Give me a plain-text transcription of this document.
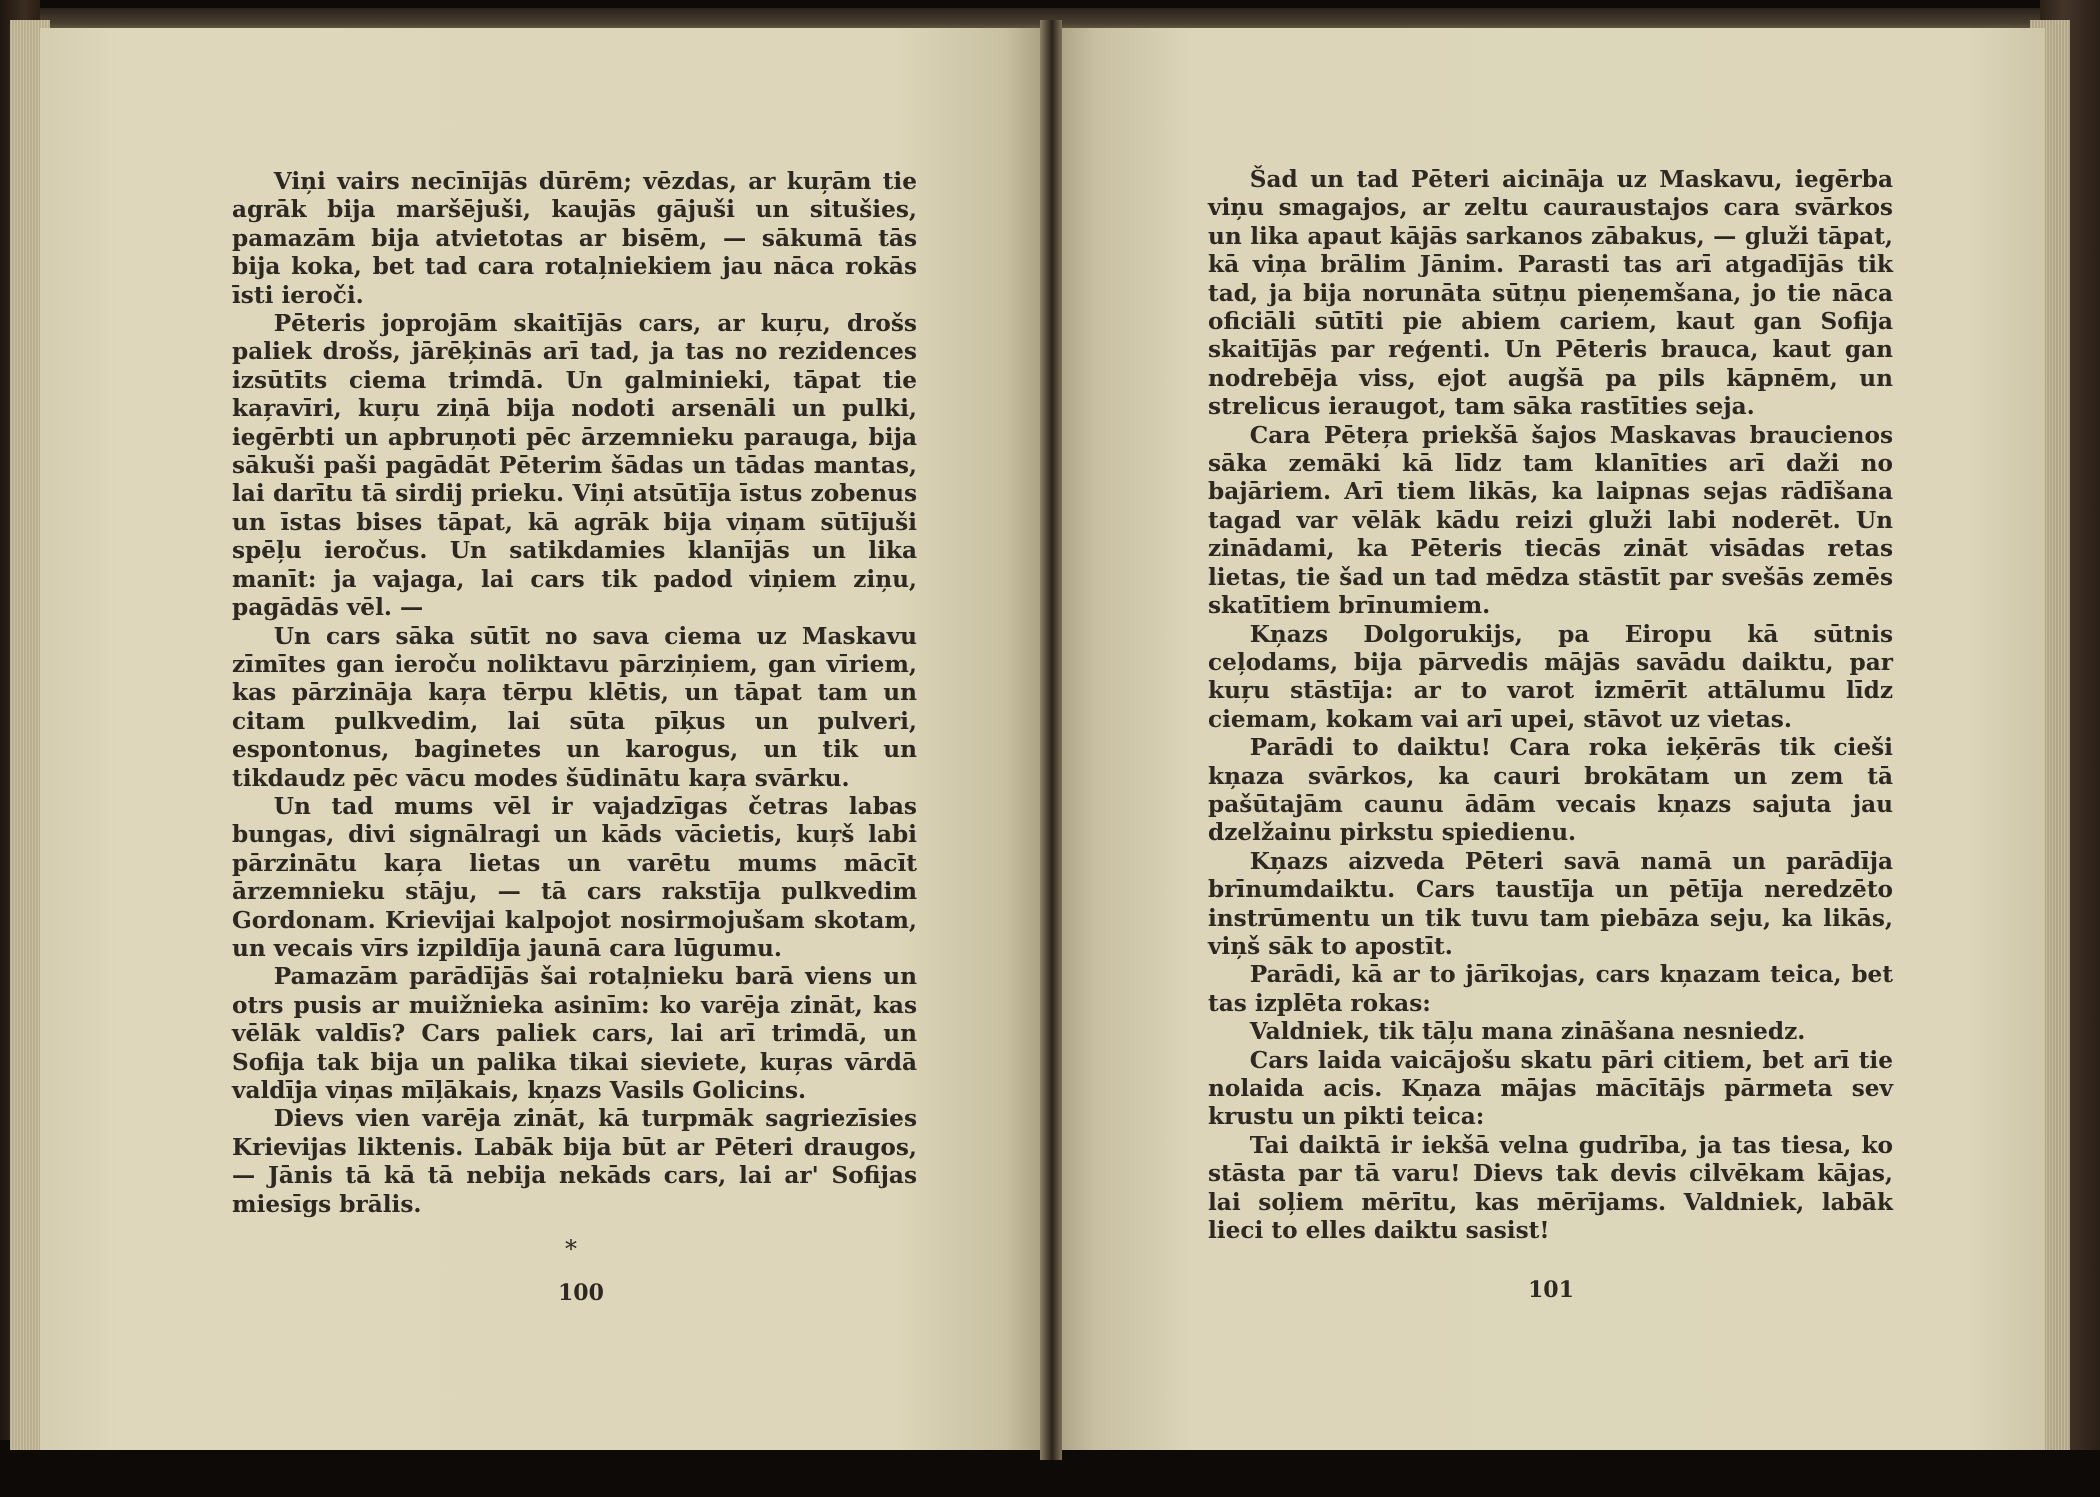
Viņi vairs necīnījās dūrēm; vēzdas, ar kuŗām tie agrāk bija maršējuši, kaujās gājuši un situšies, pamazām bija atvietotas ar bisēm, — sākumā tās bija koka, bet tad cara rotaļniekiem jau nāca rokās īsti ieroči.

Pēteris joprojām skaitījās cars, ar kuŗu, drošs paliek drošs, jārēķinās arī tad, ja tas no rezidences izsūtīts ciema trimdā. Un galminieki, tāpat tie kaŗavīri, kuŗu ziņā bija nodoti arsenāli un pulki, iegērbti un apbruņoti pēc ārzemnieku parauga, bija sākuši paši pagādāt Pēterim šādas un tādas mantas, lai darītu tā sirdij prieku. Viņi atsūtīja īstus zobenus un īstas bises tāpat, kā agrāk bija viņam sūtījuši spēļu ieročus. Un satikdamies klanījās un lika manīt: ja vajaga, lai cars tik padod viņiem ziņu, pagādās vēl. —

Un cars sāka sūtīt no sava ciema uz Maskavu zīmītes gan ieroču noliktavu pārziņiem, gan vīriem, kas pārzināja kaŗa tērpu klētis, un tāpat tam un citam pulkvedim, lai sūta pīķus un pulveri, espontonus, baginetes un karogus, un tik un tikdaudz pēc vācu modes šūdinātu kaŗa svārku.

Un tad mums vēl ir vajadzīgas četras labas bungas, divi signālragi un kāds vācietis, kuŗš labi pārzinātu kaŗa lietas un varētu mums mācīt ārzemnieku stāju, — tā cars rakstīja pulkvedim Gordonam. Krievijai kalpojot nosirmojušam skotam, un vecais vīrs izpildīja jaunā cara lūgumu.

Pamazām parādījās šai rotaļnieku barā viens un otrs pusis ar muižnieka asinīm: ko varēja zināt, kas vēlāk valdīs? Cars paliek cars, lai arī trimdā, un Sofija tak bija un palika tikai sieviete, kuŗas vārdā valdīja viņas mīļākais, kņazs Vasils Golicins.

Dievs vien varēja zināt, kā turpmāk sagriezīsies Krievijas liktenis. Labāk bija būt ar Pēteri draugos, — Jānis tā kā tā nebija nekāds cars, lai ar' Sofijas miesīgs brālis.

*
100

Šad un tad Pēteri aicināja uz Maskavu, iegērba viņu smagajos, ar zeltu cauraustajos cara svārkos un lika apaut kājās sarkanos zābakus, — gluži tāpat, kā viņa brālim Jānim. Parasti tas arī atgadījās tik tad, ja bija norunāta sūtņu pieņemšana, jo tie nāca oficiāli sūtīti pie abiem cariem, kaut gan Sofija skaitījās par reģenti. Un Pēteris brauca, kaut gan nodrebēja viss, ejot augšā pa pils kāpnēm, un strelicus ieraugot, tam sāka rastīties seja.

Cara Pēteŗa priekšā šajos Maskavas braucienos sāka zemāki kā līdz tam klanīties arī daži no bajāriem. Arī tiem likās, ka laipnas sejas rādīšana tagad var vēlāk kādu reizi gluži labi noderēt. Un zinādami, ka Pēteris tiecās zināt visādas retas lietas, tie šad un tad mēdza stāstīt par svešās zemēs skatītiem brīnumiem.

Kņazs Dolgorukijs, pa Eiropu kā sūtnis ceļodams, bija pārvedis mājās savādu daiktu, par kuŗu stāstīja: ar to varot izmērīt attālumu līdz ciemam, kokam vai arī upei, stāvot uz vietas.

Parādi to daiktu! Cara roka ieķērās tik cieši kņaza svārkos, ka cauri brokātam un zem tā pašūtajām caunu ādām vecais kņazs sajuta jau dzelžainu pirkstu spiedienu.

Kņazs aizveda Pēteri savā namā un parādīja brīnumdaiktu. Cars taustīja un pētīja neredzēto instrūmentu un tik tuvu tam piebāza seju, ka likās, viņš sāk to apostīt.

Parādi, kā ar to jārīkojas, cars kņazam teica, bet tas izplēta rokas:

Valdniek, tik tāļu mana zināšana nesniedz.

Cars laida vaicājošu skatu pāri citiem, bet arī tie nolaida acis. Kņaza mājas mācītājs pārmeta sev krustu un pikti teica:

Tai daiktā ir iekšā velna gudrība, ja tas tiesa, ko stāsta par tā varu! Dievs tak devis cilvēkam kājas, lai soļiem mērītu, kas mērījams. Valdniek, labāk lieci to elles daiktu sasist!

101
